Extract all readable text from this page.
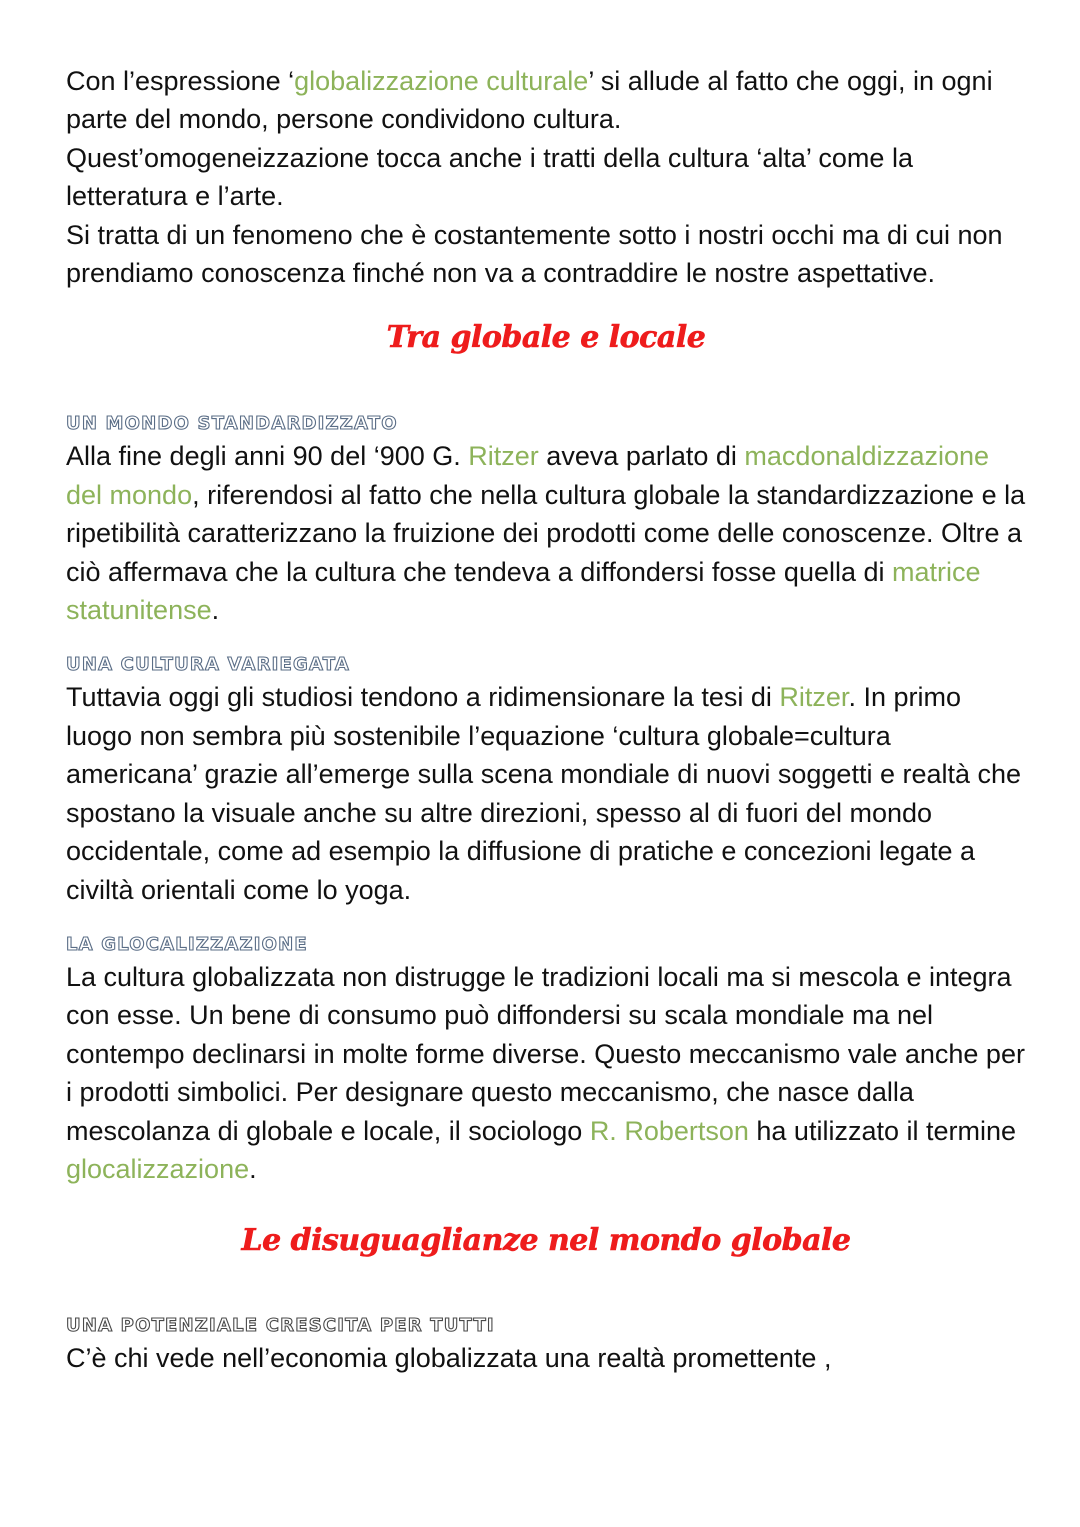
Con l’espressione ‘globalizzazione culturale’ si allude al fatto che oggi, in ogni parte del mondo, persone condividono cultura.

Quest’omogeneizzazione tocca anche i tratti della cultura ‘alta’ come la letteratura e l’arte.

Si tratta di un fenomeno che è costantemente sotto i nostri occhi ma di cui non prendiamo conoscenza finché non va a contraddire le nostre aspettative.

Tra globale e locale
UN MONDO STANDARDIZZATO

Alla fine degli anni 90 del ‘900 G. Ritzer aveva parlato di macdonaldizzazione del mondo, riferendosi al fatto che nella cultura globale la standardizzazione e la ripetibilità caratterizzano la fruizione dei prodotti come delle conoscenze. Oltre a ciò affermava che la cultura che tendeva a diffondersi fosse quella di matrice statunitense.

UNA CULTURA VARIEGATA

Tuttavia oggi gli studiosi tendono a ridimensionare la tesi di Ritzer. In primo luogo non sembra più sostenibile l’equazione ‘cultura globale=cultura americana’ grazie all’emerge sulla scena mondiale di nuovi soggetti e realtà che spostano la visuale anche su altre direzioni, spesso al di fuori del mondo occidentale, come ad esempio la diffusione di pratiche e concezioni legate a civiltà orientali come lo yoga.

LA GLOCALIZZAZIONE

La cultura globalizzata non distrugge le tradizioni locali ma si mescola e integra con esse. Un bene di consumo può diffondersi su scala mondiale ma nel contempo declinarsi in molte forme diverse. Questo meccanismo vale anche per i prodotti simbolici. Per designare questo meccanismo, che nasce dalla mescolanza di globale e locale, il sociologo R. Robertson ha utilizzato il termine glocalizzazione.

Le disuguaglianze nel mondo globale
UNA POTENZIALE CRESCITA PER TUTTI

C’è chi vede nell’economia globalizzata una realtà promettente ,
